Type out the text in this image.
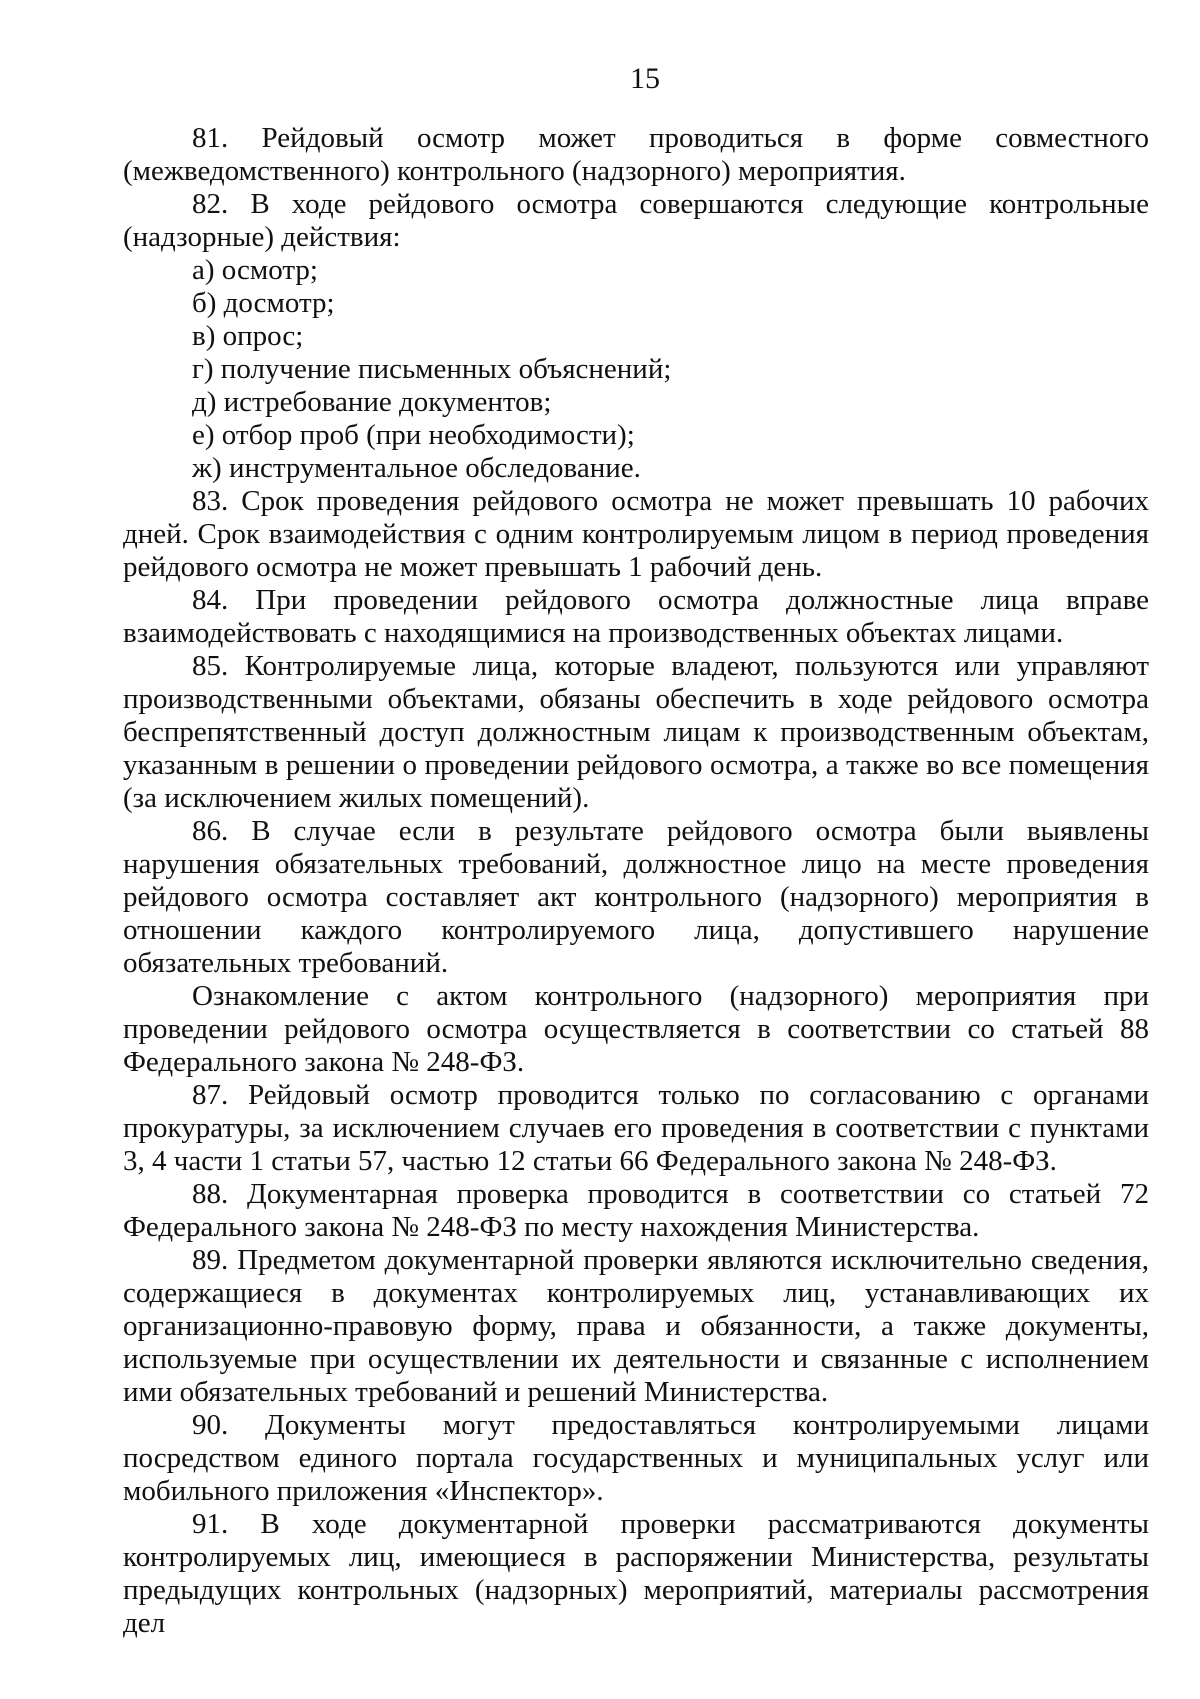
15

81. Рейдовый осмотр может проводиться в форме совместного (межведомственного) контрольного (надзорного) мероприятия.

82. В ходе рейдового осмотра совершаются следующие контрольные (надзорные) действия:

а) осмотр;

б) досмотр;

в) опрос;

г) получение письменных объяснений;

д) истребование документов;

е) отбор проб (при необходимости);

ж) инструментальное обследование.

83. Срок проведения рейдового осмотра не может превышать 10 рабочих дней. Срок взаимодействия с одним контролируемым лицом в период проведения рейдового осмотра не может превышать 1 рабочий день.

84. При проведении рейдового осмотра должностные лица вправе взаимодействовать с находящимися на производственных объектах лицами.

85. Контролируемые лица, которые владеют, пользуются или управляют производственными объектами, обязаны обеспечить в ходе рейдового осмотра беспрепятственный доступ должностным лицам к производственным объектам, указанным в решении о проведении рейдового осмотра, а также во все помещения (за исключением жилых помещений).

86. В случае если в результате рейдового осмотра были выявлены нарушения обязательных требований, должностное лицо на месте проведения рейдового осмотра составляет акт контрольного (надзорного) мероприятия в отношении каждого контролируемого лица, допустившего нарушение обязательных требований.

Ознакомление с актом контрольного (надзорного) мероприятия при проведении рейдового осмотра осуществляется в соответствии со статьей 88 Федерального закона № 248-ФЗ.

87. Рейдовый осмотр проводится только по согласованию с органами прокуратуры, за исключением случаев его проведения в соответствии с пунктами 3, 4 части 1 статьи 57, частью 12 статьи 66 Федерального закона № 248-ФЗ.

88. Документарная проверка проводится в соответствии со статьей 72 Федерального закона № 248-ФЗ по месту нахождения Министерства.

89. Предметом документарной проверки являются исключительно сведения, содержащиеся в документах контролируемых лиц, устанавливающих их организационно-правовую форму, права и обязанности, а также документы, используемые при осуществлении их деятельности и связанные с исполнением ими обязательных требований и решений Министерства.

90. Документы могут предоставляться контролируемыми лицами посредством единого портала государственных и муниципальных услуг или мобильного приложения «Инспектор».

91. В ходе документарной проверки рассматриваются документы контролируемых лиц, имеющиеся в распоряжении Министерства, результаты предыдущих контрольных (надзорных) мероприятий, материалы рассмотрения дел
